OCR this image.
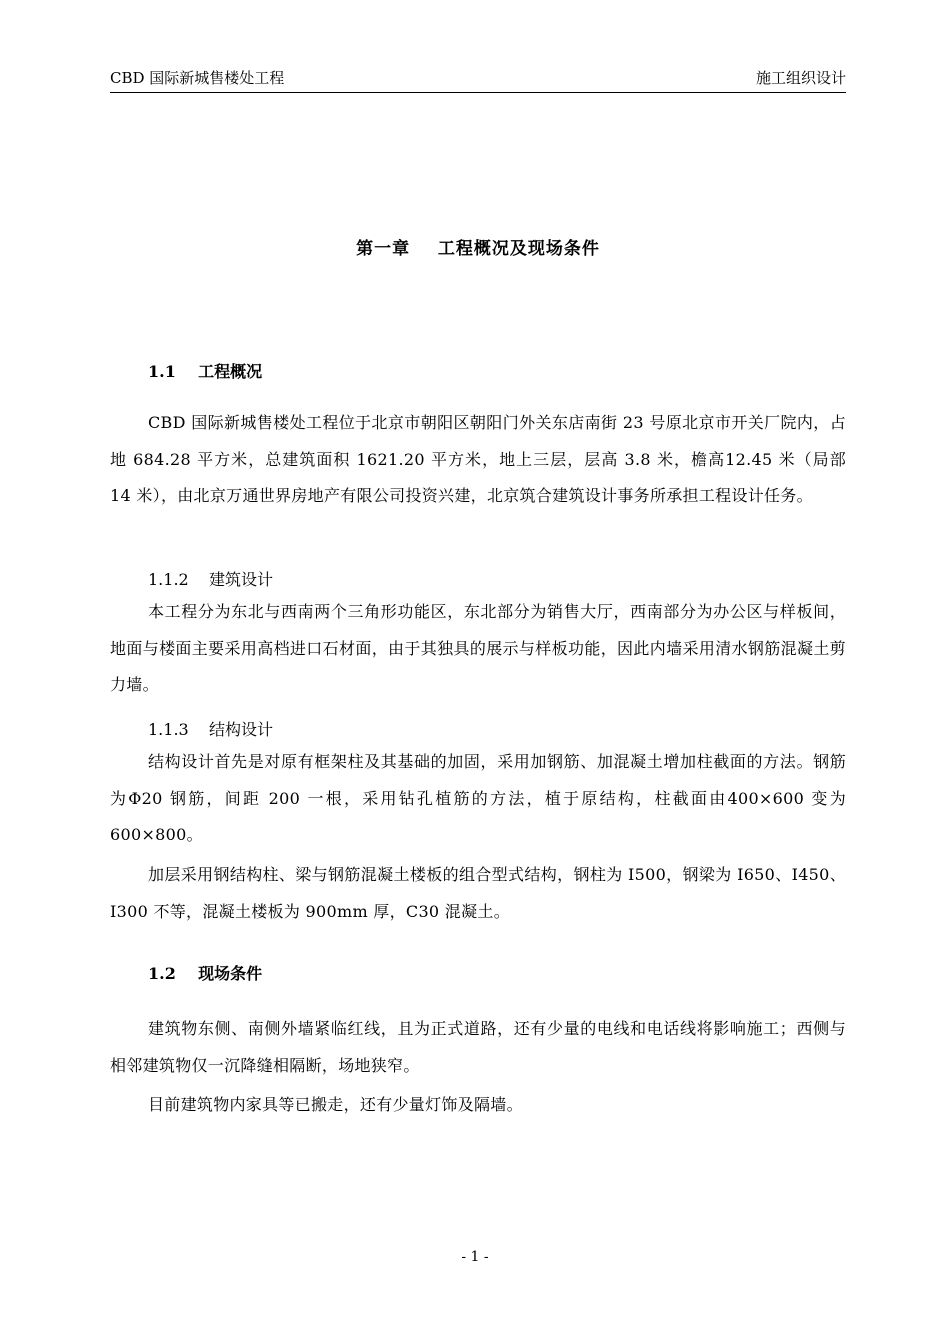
CBD 国际新城售楼处工程	施工组织设计
第一章    工程概况及现场条件
1.1    工程概况
CBD 国际新城售楼处工程位于北京市朝阳区朝阳门外关东店南街 23 号原北京市开关厂院内，占地 684.28 平方米，总建筑面积 1621.20 平方米，地上三层，层高 3.8 米，檐高12.45 米（局部 14 米），由北京万通世界房地产有限公司投资兴建，北京筑合建筑设计事务所承担工程设计任务。
1.1.2    建筑设计
本工程分为东北与西南两个三角形功能区，东北部分为销售大厅，西南部分为办公区与样板间，地面与楼面主要采用高档进口石材面，由于其独具的展示与样板功能，因此内墙采用清水钢筋混凝土剪力墙。
1.1.3    结构设计
结构设计首先是对原有框架柱及其基础的加固，采用加钢筋、加混凝土增加柱截面的方法。钢筋为Φ20 钢筋，间距 200 一根，采用钻孔植筋的方法，植于原结构，柱截面由400×600 变为 600×800。
加层采用钢结构柱、梁与钢筋混凝土楼板的组合型式结构，钢柱为 I500，钢梁为 I650、I450、I300 不等，混凝土楼板为 900mm 厚，C30 混凝土。
1.2    现场条件
建筑物东侧、南侧外墙紧临红线，且为正式道路，还有少量的电线和电话线将影响施工；西侧与相邻建筑物仅一沉降缝相隔断，场地狭窄。
目前建筑物内家具等已搬走，还有少量灯饰及隔墙。
- 1 -
